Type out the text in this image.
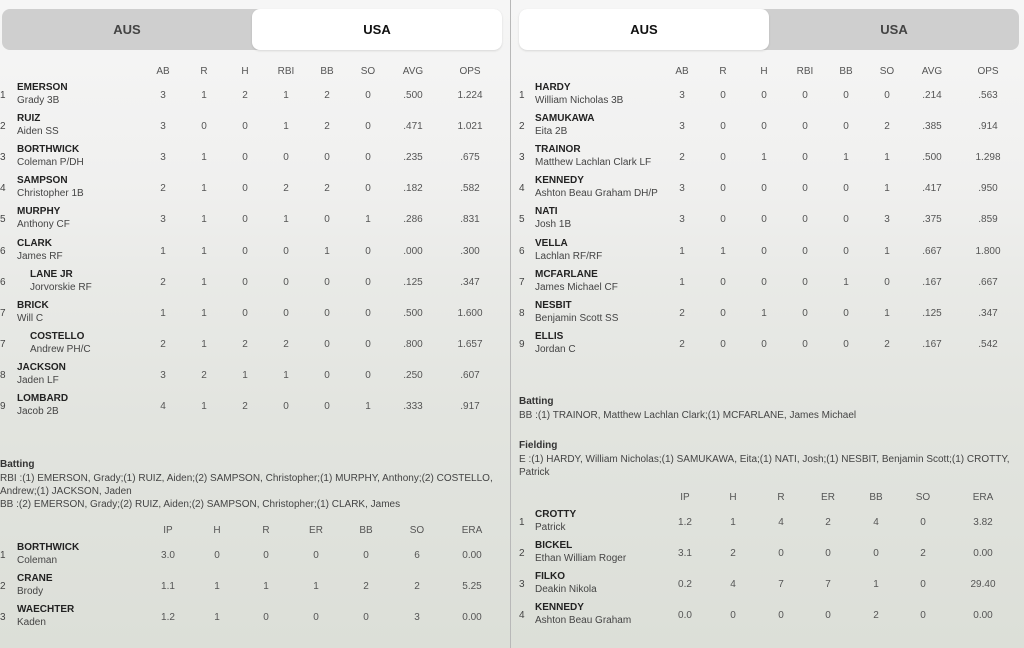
AUS	USA
AB	R	H	RBI	BB	SO	AVG	OPS
1
EMERSON
Grady 3B	3	1	2	1	2	0	.500	1.224
2
RUIZ
Aiden SS	3	0	0	1	2	0	.471	1.021
3
BORTHWICK
Coleman P/DH	3	1	0	0	0	0	.235	.675
4
SAMPSON
Christopher 1B	2	1	0	2	2	0	.182	.582
5
MURPHY
Anthony CF	3	1	0	1	0	1	.286	.831
6
CLARK
James RF	1	1	0	0	1	0	.000	.300
6
LANE JR
Jorvorskie RF	2	1	0	0	0	0	.125	.347
7
BRICK
Will C	1	1	0	0	0	0	.500	1.600
7
COSTELLO
Andrew PH/C	2	1	2	2	0	0	.800	1.657
8
JACKSON
Jaden LF	3	2	1	1	0	0	.250	.607
9
LOMBARD
Jacob 2B	4	1	2	0	0	1	.333	.917
Batting
RBI :(1) EMERSON, Grady;(1) RUIZ, Aiden;(2) SAMPSON, Christopher;(1) MURPHY, Anthony;(2) COSTELLO,
Andrew;(1) JACKSON, Jaden
BB :(2) EMERSON, Grady;(2) RUIZ, Aiden;(2) SAMPSON, Christopher;(1) CLARK, James
IP	H	R	ER	BB	SO	ERA
1
BORTHWICK
Coleman	3.0	0	0	0	0	6	0.00
2
CRANE
Brody	1.1	1	1	1	2	2	5.25
3
WAECHTER
Kaden	1.2	1	0	0	0	3	0.00
AUS	USA
AB	R	H	RBI	BB	SO	AVG	OPS
1
HARDY
William Nicholas 3B	3	0	0	0	0	0	.214	.563
2
SAMUKAWA
Eita 2B	3	0	0	0	0	2	.385	.914
3
TRAINOR
Matthew Lachlan Clark LF	2	0	1	0	1	1	.500	1.298
4
KENNEDY
Ashton Beau Graham DH/P	3	0	0	0	0	1	.417	.950
5
NATI
Josh 1B	3	0	0	0	0	3	.375	.859
6
VELLA
Lachlan RF/RF	1	1	0	0	0	1	.667	1.800
7
MCFARLANE
James Michael CF	1	0	0	0	1	0	.167	.667
8
NESBIT
Benjamin Scott SS	2	0	1	0	0	1	.125	.347
9
ELLIS
Jordan C	2	0	0	0	0	2	.167	.542
Batting
BB :(1) TRAINOR, Matthew Lachlan Clark;(1) MCFARLANE, James Michael
Fielding
E :(1) HARDY, William Nicholas;(1) SAMUKAWA, Eita;(1) NATI, Josh;(1) NESBIT, Benjamin Scott;(1) CROTTY,
Patrick
IP	H	R	ER	BB	SO	ERA
1
CROTTY
Patrick	1.2	1	4	2	4	0	3.82
2
BICKEL
Ethan William Roger	3.1	2	0	0	0	2	0.00
3
FILKO
Deakin Nikola	0.2	4	7	7	1	0	29.40
4
KENNEDY
Ashton Beau Graham	0.0	0	0	0	2	0	0.00
